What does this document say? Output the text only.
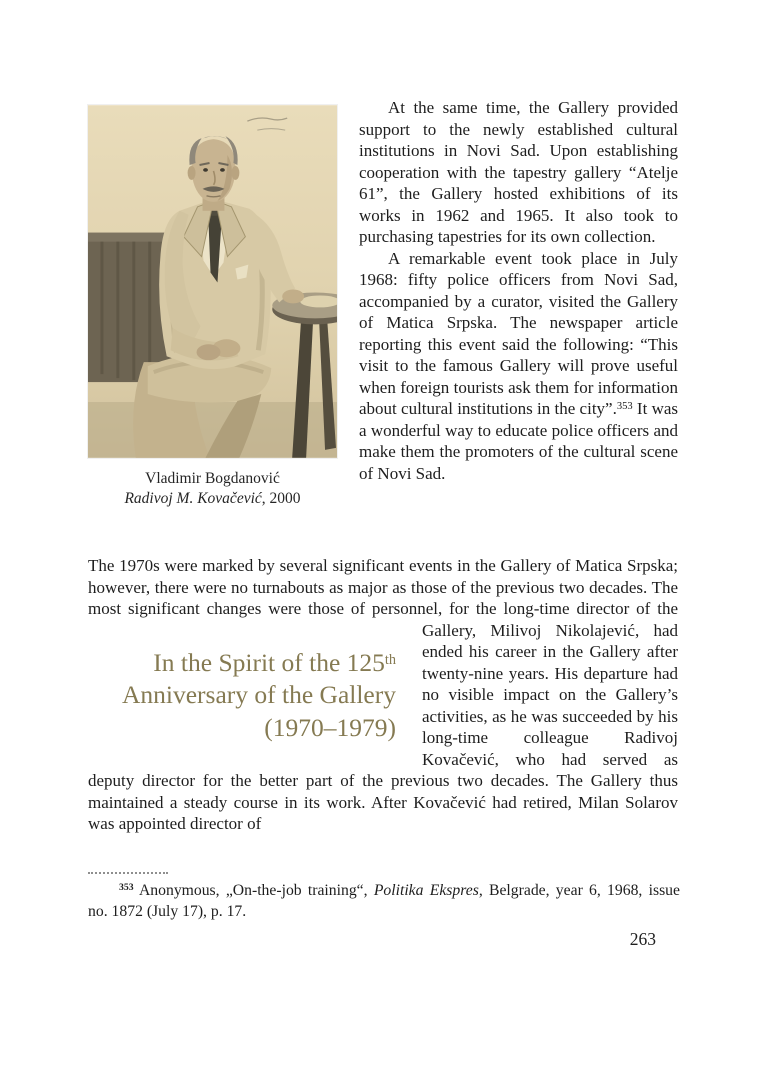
Vladimir Bogdanović
Radivoj M. Kovačević, 2000

At the same time, the Gallery provided support to the newly established cultural institutions in Novi Sad. Upon establishing cooperation with the tapestry gallery “Atelje 61”, the Gallery hosted exhibitions of its works in 1962 and 1965. It also took to purchasing tapestries for its own collection.

A remarkable event took place in July 1968: fifty police officers from Novi Sad, accompanied by a curator, visited the Gallery of Matica Srpska. The newspaper article reporting this event said the following: “This visit to the famous Gallery will prove useful when foreign tourists ask them for information about cultural institutions in the city”.$^{353}$ It was a wonderful way to educate police officers and make them the promoters of the cultural scene of Novi Sad.

The 1970s were marked by several significant events in the Gallery of Matica Srpska; however, there were no turnabouts as major as those of the previous two decades. The most significant changes were those of
In the Spirit of the 125th
Anniversary of the Gallery
(1970–1979)
personnel, for the long-time director of the Gallery, Milivoj Nikolajević, had ended his career in the Gallery after twenty-nine years. His departure had no visible impact on the Gallery’s activities, as he was succeeded by his long-time colleague Radivoj Kovačević, who had served as deputy director for the better part of the previous two decades. The Gallery thus maintained a steady course in its work. After Kovačević had retired, Milan Solarov was appointed director of

$^{353}$ Anonymous, „On-the-job training“, Politika Ekspres, Belgrade, year 6, 1968, issue no. 1872 (July 17), p. 17.

263
